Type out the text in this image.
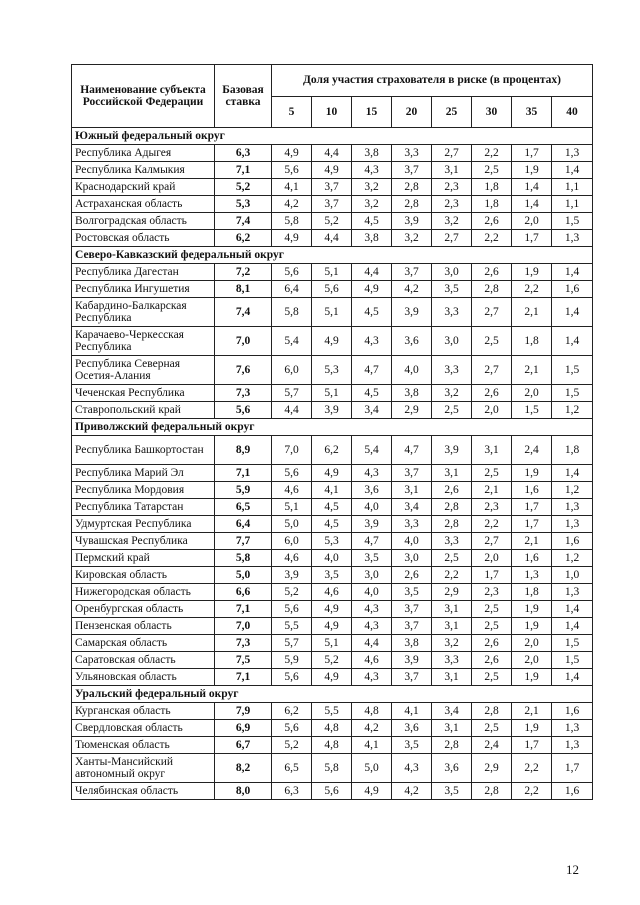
Наименование субъекта Российской Федерации	Базовая ставка	Доля участия страхователя в риске (в процентах)							
		5	10	15	20	25	30	35	40
Южный федеральный округ									
Республика Адыгея	6,3	4,9	4,4	3,8	3,3	2,7	2,2	1,7	1,3
Республика Калмыкия	7,1	5,6	4,9	4,3	3,7	3,1	2,5	1,9	1,4
Краснодарский край	5,2	4,1	3,7	3,2	2,8	2,3	1,8	1,4	1,1
Астраханская область	5,3	4,2	3,7	3,2	2,8	2,3	1,8	1,4	1,1
Волгоградская область	7,4	5,8	5,2	4,5	3,9	3,2	2,6	2,0	1,5
Ростовская область	6,2	4,9	4,4	3,8	3,2	2,7	2,2	1,7	1,3
Северо-Кавказский федеральный округ									
Республика Дагестан	7,2	5,6	5,1	4,4	3,7	3,0	2,6	1,9	1,4
Республика Ингушетия	8,1	6,4	5,6	4,9	4,2	3,5	2,8	2,2	1,6
Кабардино-Балкарская Республика	7,4	5,8	5,1	4,5	3,9	3,3	2,7	2,1	1,4
Карачаево-Черкесская Республика	7,0	5,4	4,9	4,3	3,6	3,0	2,5	1,8	1,4
Республика Северная Осетия-Алания	7,6	6,0	5,3	4,7	4,0	3,3	2,7	2,1	1,5
Чеченская Республика	7,3	5,7	5,1	4,5	3,8	3,2	2,6	2,0	1,5
Ставропольский край	5,6	4,4	3,9	3,4	2,9	2,5	2,0	1,5	1,2
Приволжский федеральный округ									
Республика Башкортостан	8,9	7,0	6,2	5,4	4,7	3,9	3,1	2,4	1,8
Республика Марий Эл	7,1	5,6	4,9	4,3	3,7	3,1	2,5	1,9	1,4
Республика Мордовия	5,9	4,6	4,1	3,6	3,1	2,6	2,1	1,6	1,2
Республика Татарстан	6,5	5,1	4,5	4,0	3,4	2,8	2,3	1,7	1,3
Удмуртская Республика	6,4	5,0	4,5	3,9	3,3	2,8	2,2	1,7	1,3
Чувашская Республика	7,7	6,0	5,3	4,7	4,0	3,3	2,7	2,1	1,6
Пермский край	5,8	4,6	4,0	3,5	3,0	2,5	2,0	1,6	1,2
Кировская область	5,0	3,9	3,5	3,0	2,6	2,2	1,7	1,3	1,0
Нижегородская область	6,6	5,2	4,6	4,0	3,5	2,9	2,3	1,8	1,3
Оренбургская область	7,1	5,6	4,9	4,3	3,7	3,1	2,5	1,9	1,4
Пензенская область	7,0	5,5	4,9	4,3	3,7	3,1	2,5	1,9	1,4
Самарская область	7,3	5,7	5,1	4,4	3,8	3,2	2,6	2,0	1,5
Саратовская область	7,5	5,9	5,2	4,6	3,9	3,3	2,6	2,0	1,5
Ульяновская область	7,1	5,6	4,9	4,3	3,7	3,1	2,5	1,9	1,4
Уральский федеральный округ									
Курганская область	7,9	6,2	5,5	4,8	4,1	3,4	2,8	2,1	1,6
Свердловская область	6,9	5,6	4,8	4,2	3,6	3,1	2,5	1,9	1,3
Тюменская область	6,7	5,2	4,8	4,1	3,5	2,8	2,4	1,7	1,3
Ханты-Мансийский автономный округ	8,2	6,5	5,8	5,0	4,3	3,6	2,9	2,2	1,7
Челябинская область	8,0	6,3	5,6	4,9	4,2	3,5	2,8	2,2	1,6
12
